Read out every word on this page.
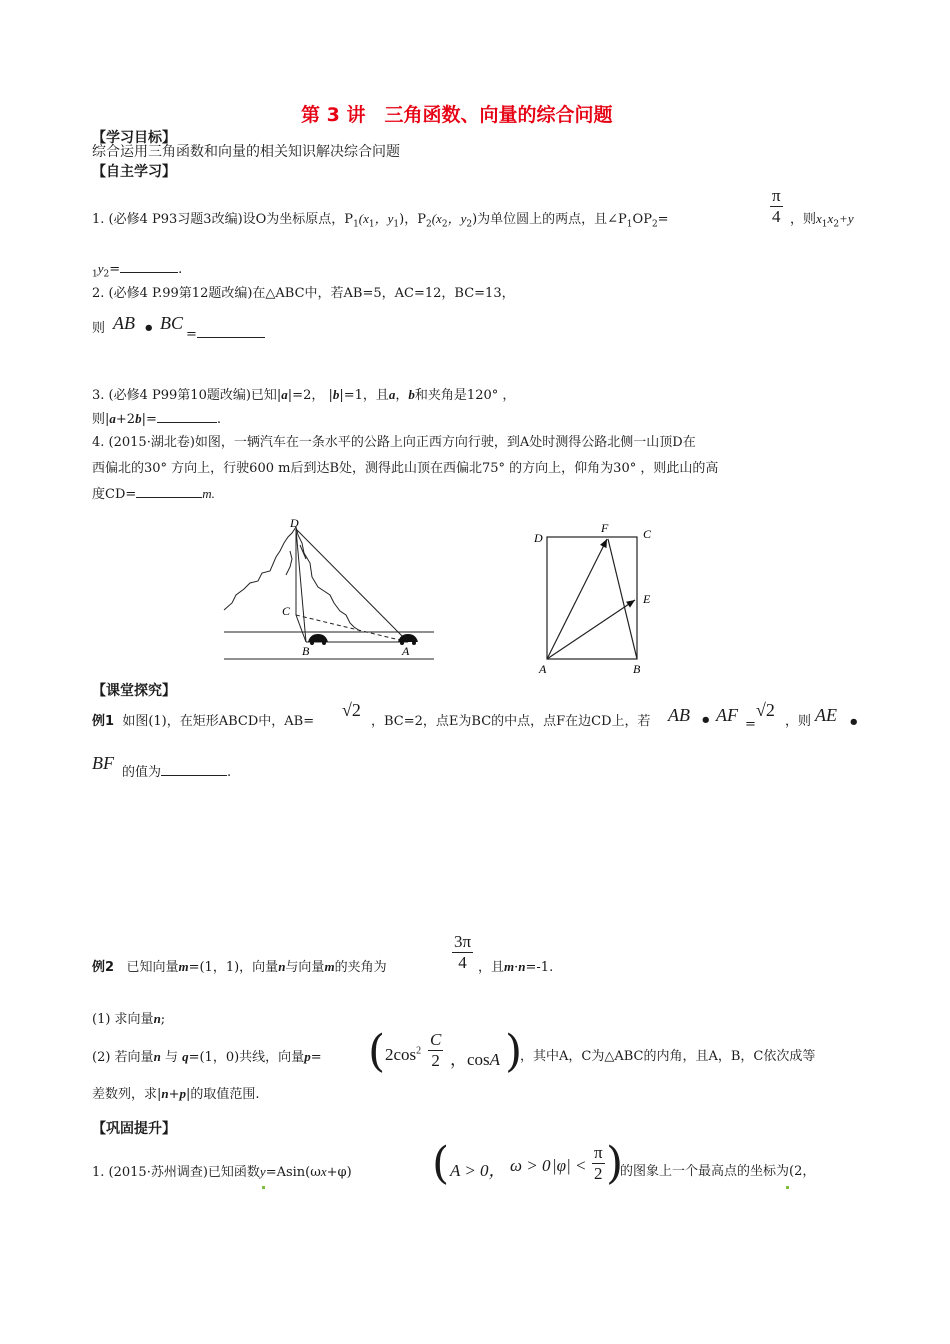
第 3 讲　三角函数、向量的综合问题
【学习目标】
综合运用三角函数和向量的相关知识解决综合问题
【自主学习】
1. (必修4 P93习题3改编)设O为坐标原点，$P_1(x_1$，$y_1$)，$P_2(x_2$，$y_2$)为单位圆上的两点，且$\angle P_1OP_2=$	$\frac{\pi}{4}$ ，则$x_1x_2+y$
$_1y_2=$	.
2. (必修4 P.99第12题改编)在△ABC中，若AB=5，AC=12，BC=13，
则 AB • BC
=
3. (必修4 P99第10题改编)已知|a|=2， |b|=1，且a，b和夹角是120° ，
则|a+2b|=	.
4. (2015·湖北卷)如图，一辆汽车在一条水平的公路上向正西方向行驶，到A处时测得公路北侧一山顶D在
西偏北的30° 方向上，行驶600 m后到达B处，测得此山顶在西偏北75° 的方向上，仰角为30° ，则此山的高
度CD=	m.
D
C
B	A
D
F	C
E
A	B
【课堂探究】
例1 如图(1)，在矩形ABCD中，AB=
√2
，BC=2，点E为BC的中点，点F在边CD上，若 AB • AF =
√2
，则 AE •
BF 的值为	.
例2 已知向量m=(1，1)，向量n与向量m的夹角为	$\frac{3\pi}{4}$ ，且m·n=-1.
(1) 求向量n;
(2) 若向量n 与 q=(1，0)共线，向量p= ( $2\cos^2 \frac{C}{2}$ ，cosA )
，其中A，C为△ABC的内角，且A，B，C依次成等
差数列，求|n+p|的取值范围.
【巩固提升】
1. (2015·苏州调查)已知函数y=Asin(ωx+φ) ( A > 0， ω > 0 $|\varphi| < \frac{\pi}{2}$ )
的图象上一个最高点的坐标为(2，
